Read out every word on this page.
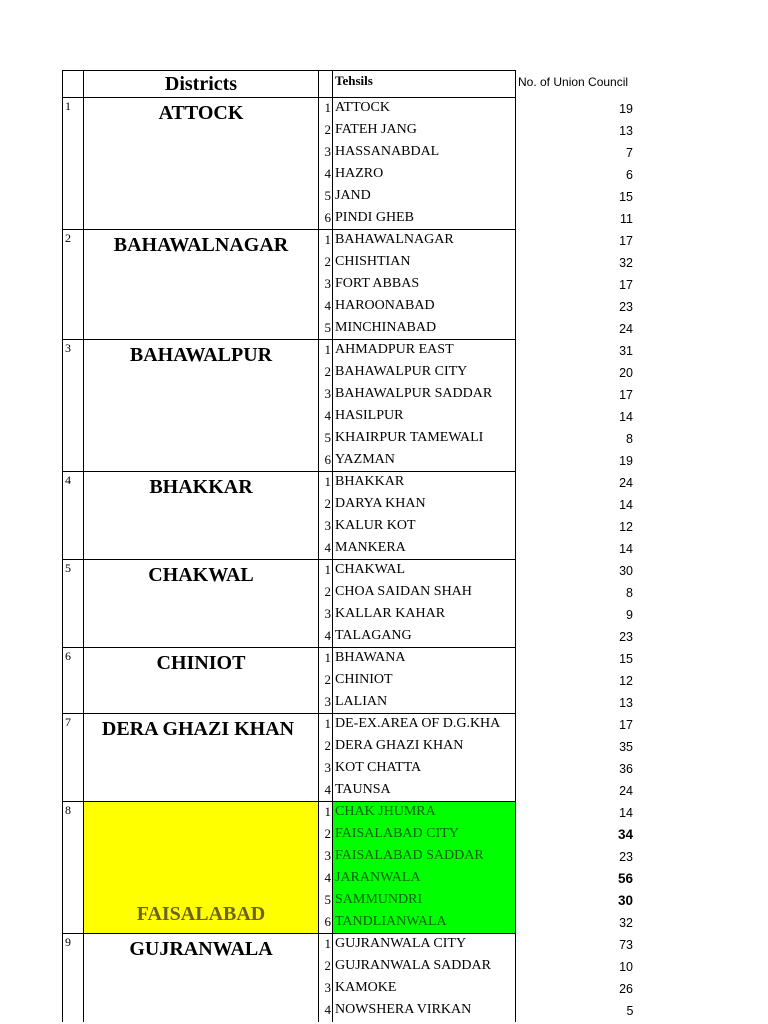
	Districts		Tehsils	No. of Union Council
1	ATTOCK	1	ATTOCK	19
		2	FATEH JANG	13
		3	HASSANABDAL	7
		4	HAZRO	6
		5	JAND	15
		6	PINDI GHEB	11
2	BAHAWALNAGAR	1	BAHAWALNAGAR	17
		2	CHISHTIAN	32
		3	FORT ABBAS	17
		4	HAROONABAD	23
		5	MINCHINABAD	24
3	BAHAWALPUR	1	AHMADPUR EAST	31
		2	BAHAWALPUR CITY	20
		3	BAHAWALPUR SADDAR	17
		4	HASILPUR	14
		5	KHAIRPUR TAMEWALI	8
		6	YAZMAN	19
4	BHAKKAR	1	BHAKKAR	24
		2	DARYA KHAN	14
		3	KALUR KOT	12
		4	MANKERA	14
5	CHAKWAL	1	CHAKWAL	30
		2	CHOA SAIDAN SHAH	8
		3	KALLAR KAHAR	9
		4	TALAGANG	23
6	CHINIOT	1	BHAWANA	15
		2	CHINIOT	12
		3	LALIAN	13
7	DERA GHAZI KHAN	1	DE-EX.AREA OF D.G.KHA	17
		2	DERA GHAZI KHAN	35
		3	KOT CHATTA	36
		4	TAUNSA	24
8	FAISALABAD	1	CHAK JHUMRA	14
		2	FAISALABAD CITY	34
		3	FAISALABAD SADDAR	23
		4	JARANWALA	56
		5	SAMMUNDRI	30
		6	TANDLIANWALA	32
9	GUJRANWALA	1	GUJRANWALA CITY	73
		2	GUJRANWALA SADDAR	10
		3	KAMOKE	26
		4	NOWSHERA VIRKAN	5
